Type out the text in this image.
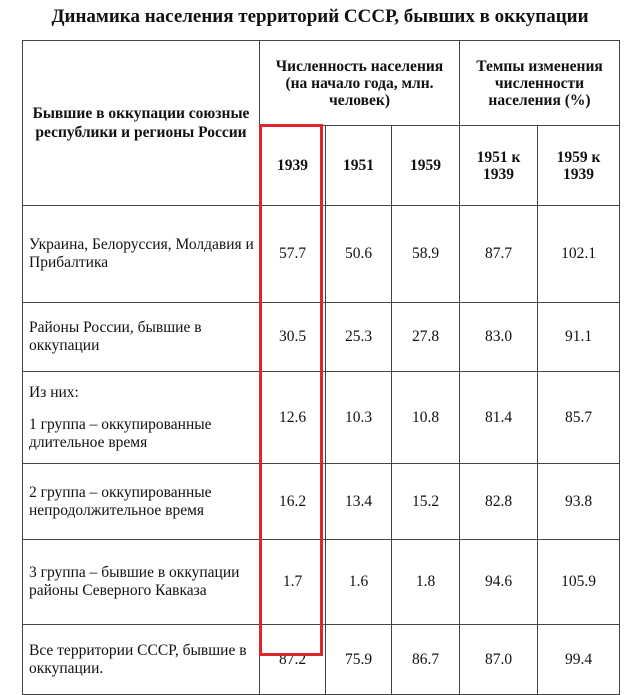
Динамика населения территорий СССР, бывших в оккупации
Бывшие в оккупации союзные республики и регионы России	Численность населения (на начало года, млн. человек)			Темпы изменения численности населения (%)	
	1939	1951	1959	1951 к 1939	1959 к 1939

Украина, Белоруссия, Молдавия и Прибалтика	57.7	50.6	58.9	87.7	102.1

Районы России, бывшие в оккупации	30.5	25.3	27.8	83.0	91.1

Из них:

1 группа – оккупированные длительное время	12.6	10.3	10.8	81.4	85.7

2 группа – оккупированные непродолжительное время	16.2	13.4	15.2	82.8	93.8

3 группа – бывшие в оккупации районы Северного Кавказа	1.7	1.6	1.8	94.6	105.9

Все территории СССР, бывшие в оккупации.	87.2	75.9	86.7	87.0	99.4
